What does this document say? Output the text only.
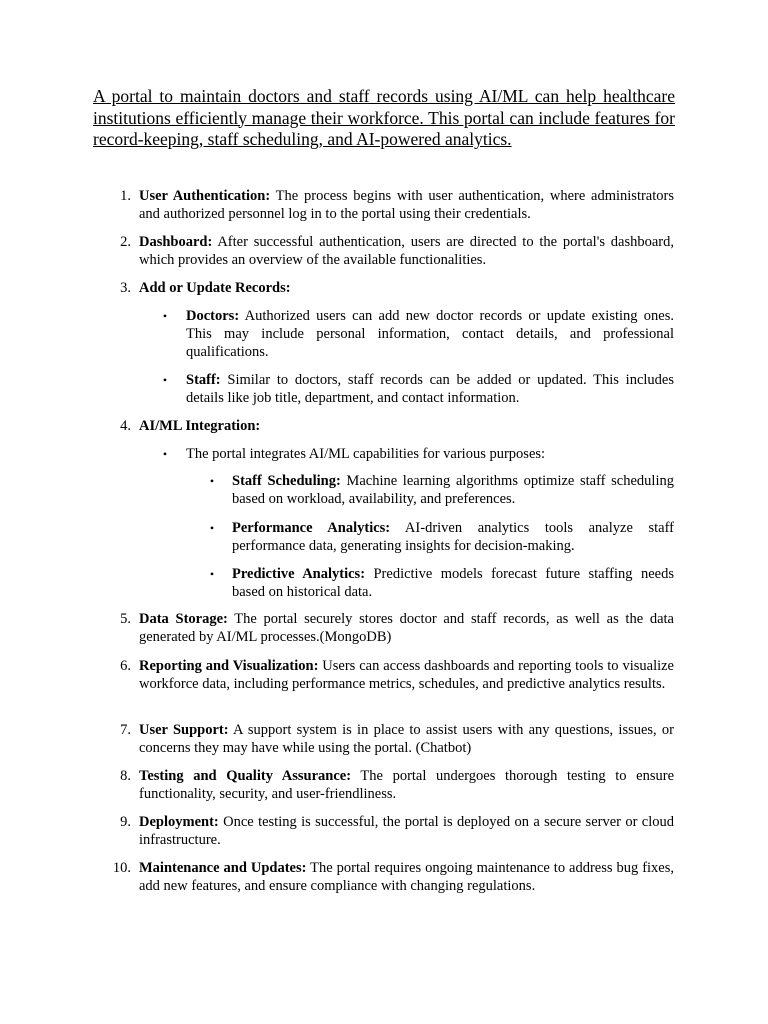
A portal to maintain doctors and staff records using AI/ML can help healthcare institutions efficiently manage their workforce. This portal can include features for record-keeping, staff scheduling, and AI-powered analytics.

1. User Authentication: The process begins with user authentication, where administrators and authorized personnel log in to the portal using their credentials.

2. Dashboard: After successful authentication, users are directed to the portal's dashboard, which provides an overview of the available functionalities.

3. Add or Update Records:

• Doctors: Authorized users can add new doctor records or update existing ones. This may include personal information, contact details, and professional qualifications.

• Staff: Similar to doctors, staff records can be added or updated. This includes details like job title, department, and contact information.

4. AI/ML Integration:

• The portal integrates AI/ML capabilities for various purposes:

• Staff Scheduling: Machine learning algorithms optimize staff scheduling based on workload, availability, and preferences.

• Performance Analytics: AI-driven analytics tools analyze staff performance data, generating insights for decision-making.

• Predictive Analytics: Predictive models forecast future staffing needs based on historical data.

5. Data Storage: The portal securely stores doctor and staff records, as well as the data generated by AI/ML processes.(MongoDB)

6. Reporting and Visualization: Users can access dashboards and reporting tools to visualize workforce data, including performance metrics, schedules, and predictive analytics results.

7. User Support: A support system is in place to assist users with any questions, issues, or concerns they may have while using the portal. (Chatbot)

8. Testing and Quality Assurance: The portal undergoes thorough testing to ensure functionality, security, and user-friendliness.

9. Deployment: Once testing is successful, the portal is deployed on a secure server or cloud infrastructure.

10. Maintenance and Updates: The portal requires ongoing maintenance to address bug fixes, add new features, and ensure compliance with changing regulations.
